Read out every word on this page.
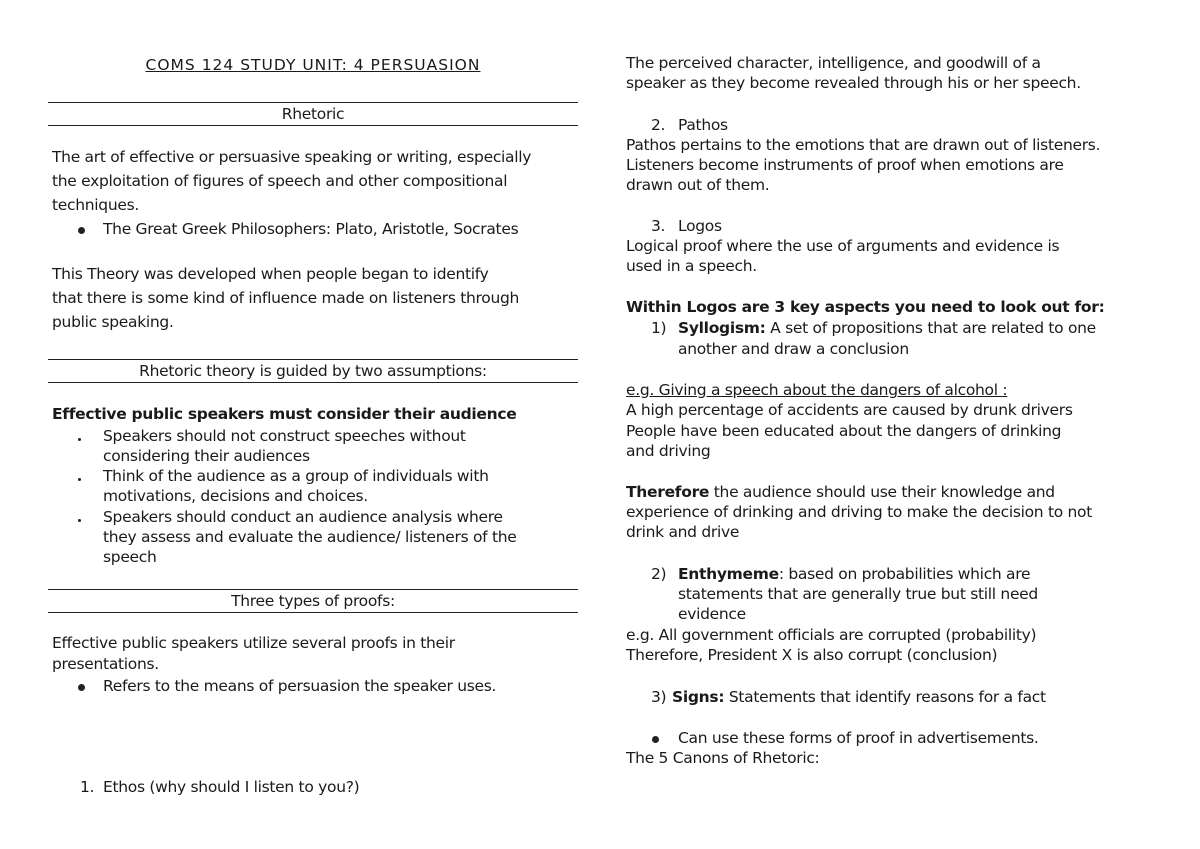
COMS 124 STUDY UNIT: 4 PERSUASION
Rhetoric
The art of effective or persuasive speaking or writing, especially
the exploitation of figures of speech and other compositional
techniques.
The Great Greek Philosophers: Plato, Aristotle, Socrates
This Theory was developed when people began to identify
that there is some kind of influence made on listeners through
public speaking.
Rhetoric theory is guided by two assumptions:
Effective public speakers must consider their audience
Speakers should not construct speeches without
considering their audiences
Think of the audience as a group of individuals with
motivations, decisions and choices.
Speakers should conduct an audience analysis where
they assess and evaluate the audience/ listeners of the
speech
Three types of proofs:
Effective public speakers utilize several proofs in their
presentations.
Refers to the means of persuasion the speaker uses.
1. Ethos (why should I listen to you?)
The perceived character, intelligence, and goodwill of a
speaker as they become revealed through his or her speech.
2. Pathos
Pathos pertains to the emotions that are drawn out of listeners.
Listeners become instruments of proof when emotions are
drawn out of them.
3. Logos
Logical proof where the use of arguments and evidence is
used in a speech.
Within Logos are 3 key aspects you need to look out for:
1) Syllogism: A set of propositions that are related to one
another and draw a conclusion
e.g. Giving a speech about the dangers of alcohol :
A high percentage of accidents are caused by drunk drivers
People have been educated about the dangers of drinking
and driving
Therefore the audience should use their knowledge and
experience of drinking and driving to make the decision to not
drink and drive
2) Enthymeme: based on probabilities which are
statements that are generally true but still need
evidence
e.g. All government officials are corrupted (probability)
Therefore, President X is also corrupt (conclusion)
3) Signs: Statements that identify reasons for a fact
Can use these forms of proof in advertisements.
The 5 Canons of Rhetoric:
